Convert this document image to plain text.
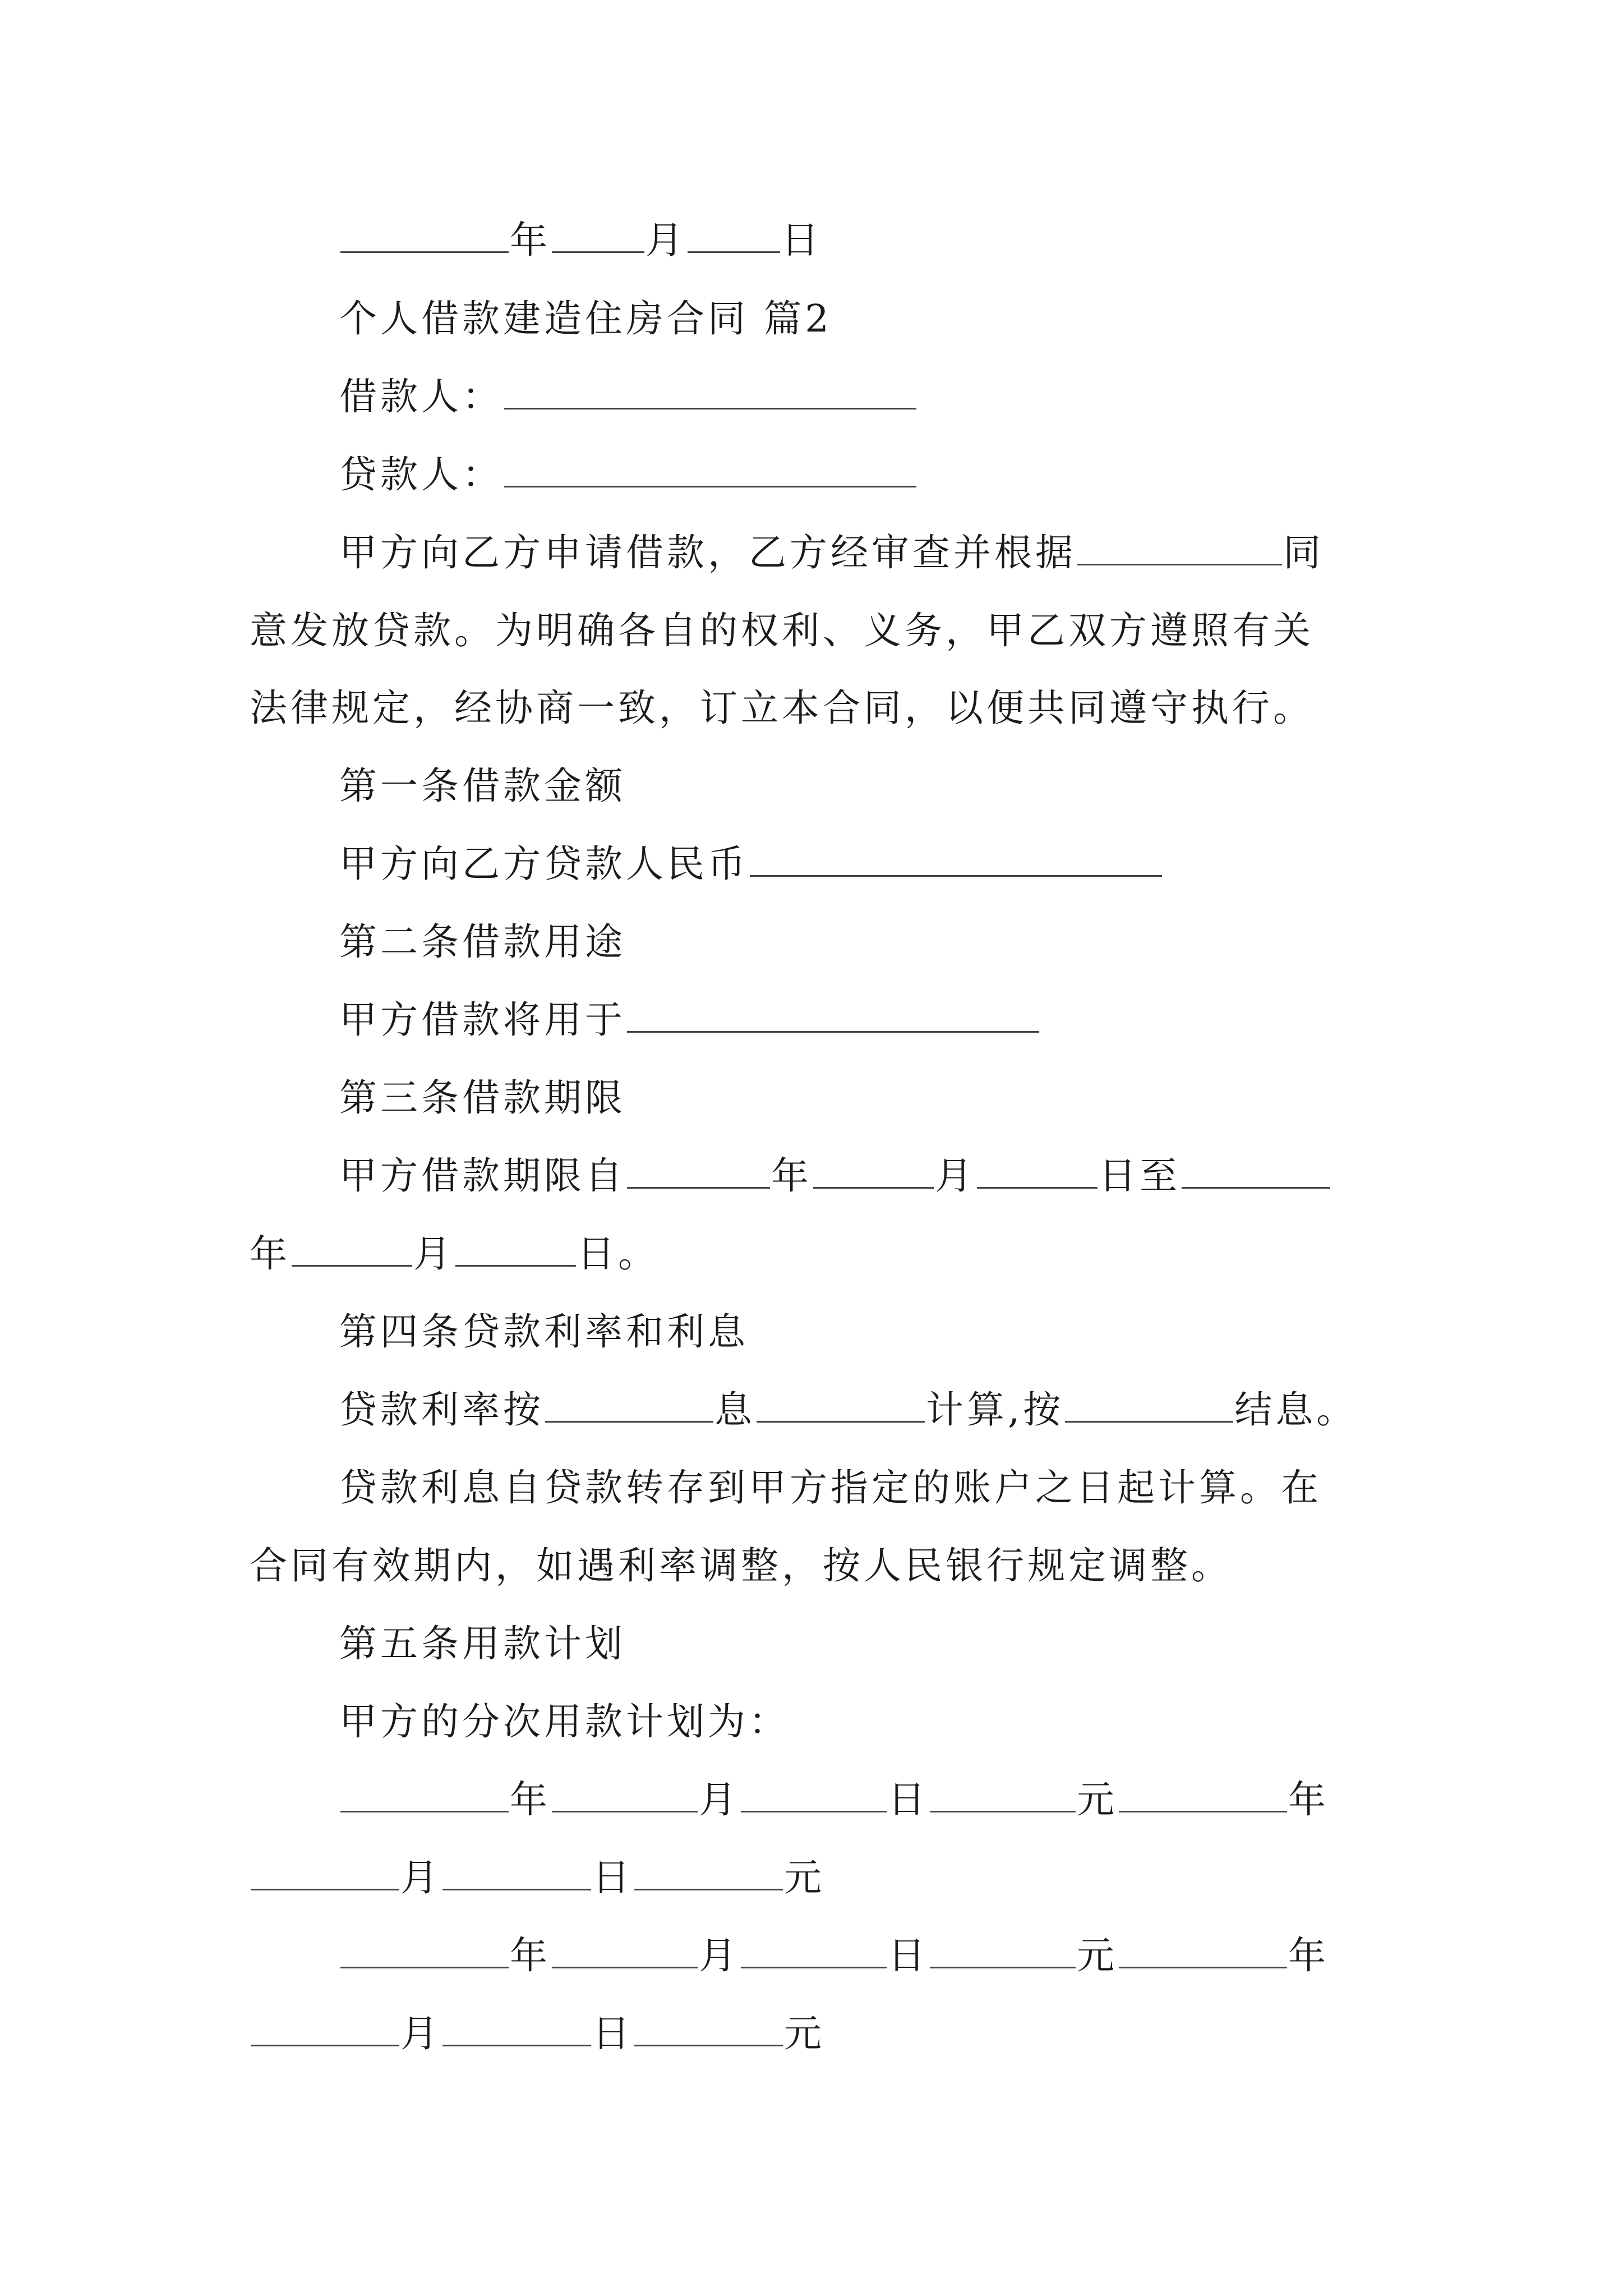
年	月	日
个人借款建造住房合同 篇2
借款人：
贷款人：
甲方向乙方申请借款，乙方经审查并根据	同
意发放贷款。为明确各自的权利、义务，甲乙双方遵照有关
法律规定，经协商一致，订立本合同，以便共同遵守执行。
第一条借款金额
甲方向乙方贷款人民币
第二条借款用途
甲方借款将用于
第三条借款期限
甲方借款期限自	年	月	日至
年	月	日。
第四条贷款利率和利息
贷款利率按	息	计算,按	结息。
贷款利息自贷款转存到甲方指定的账户之日起计算。在
合同有效期内，如遇利率调整，按人民银行规定调整。
第五条用款计划
甲方的分次用款计划为：
年	月	日	元	年
月	日	元
年	月	日	元	年
月	日	元
